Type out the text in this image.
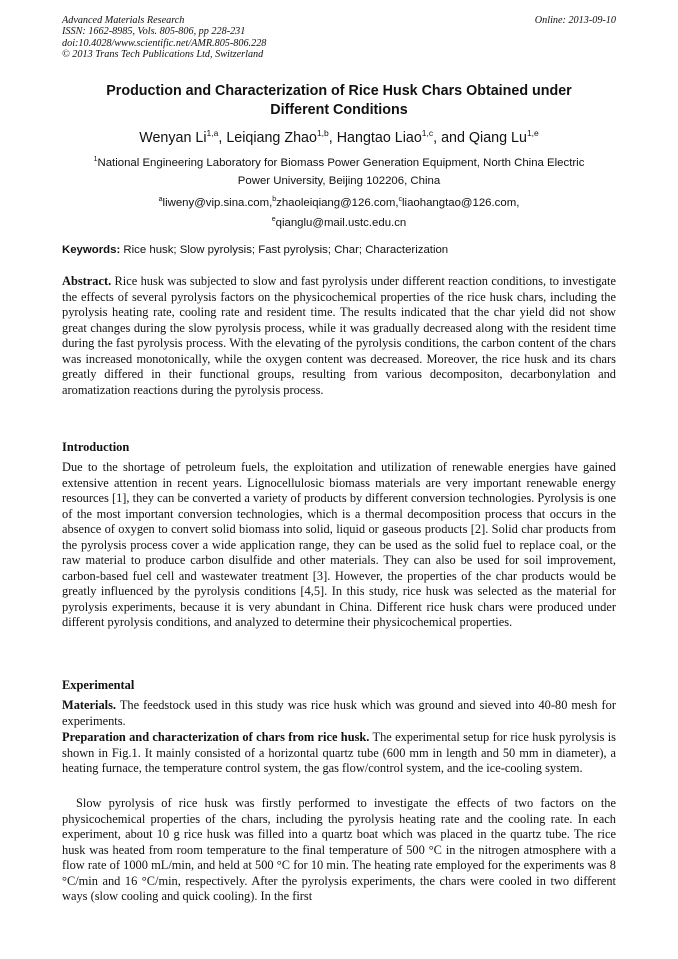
Advanced Materials Research
ISSN: 1662-8985, Vols. 805-806, pp 228-231
doi:10.4028/www.scientific.net/AMR.805-806.228
© 2013 Trans Tech Publications Ltd, Switzerland
Online: 2013-09-10
Production and Characterization of Rice Husk Chars Obtained under
Different Conditions
Wenyan Li$^{1,a}$, Leiqiang Zhao$^{1,b}$, Hangtao Liao$^{1,c}$, and Qiang Lu$^{1,e}$
$^1$National Engineering Laboratory for Biomass Power Generation Equipment, North China Electric
Power University, Beijing 102206, China
$^a$liweny@vip.sina.com,$^b$zhaoleiqiang@126.com,$^c$liaohangtao@126.com,
$^e$qianglu@mail.ustc.edu.cn
Keywords: Rice husk; Slow pyrolysis; Fast pyrolysis; Char; Characterization
Abstract. Rice husk was subjected to slow and fast pyrolysis under different reaction conditions, to investigate the effects of several pyrolysis factors on the physicochemical properties of the rice husk chars, including the pyrolysis heating rate, cooling rate and resident time. The results indicated that the char yield did not show great changes during the slow pyrolysis process, while it was gradually decreased along with the resident time during the fast pyrolysis process. With the elevating of the pyrolysis conditions, the carbon content of the chars was increased monotonically, while the oxygen content was decreased. Moreover, the rice husk and its chars greatly differed in their functional groups, resulting from various decompositon, decarbonylation and aromatization reactions during the pyrolysis process.
Introduction
Due to the shortage of petroleum fuels, the exploitation and utilization of renewable energies have gained extensive attention in recent years. Lignocellulosic biomass materials are very important renewable energy resources [1], they can be converted a variety of products by different conversion technologies. Pyrolysis is one of the most important conversion technologies, which is a thermal decomposition process that occurs in the absence of oxygen to convert solid biomass into solid, liquid or gaseous products [2]. Solid char products from the pyrolysis process cover a wide application range, they can be used as the solid fuel to replace coal, or the raw material to produce carbon disulfide and other materials. They can also be used for soil improvement, carbon-based fuel cell and wastewater treatment [3]. However, the properties of the char products would be greatly influenced by the pyrolysis conditions [4,5]. In this study, rice husk was selected as the material for pyrolysis experiments, because it is very abundant in China. Different rice husk chars were produced under different pyrolysis conditions, and analyzed to determine their physicochemical properties.
Experimental
Materials. The feedstock used in this study was rice husk which was ground and sieved into 40-80 mesh for experiments.
Preparation and characterization of chars from rice husk. The experimental setup for rice husk pyrolysis is shown in Fig.1. It mainly consisted of a horizontal quartz tube (600 mm in length and 50 mm in diameter), a heating furnace, the temperature control system, the gas flow/control system, and the ice-cooling system.
Slow pyrolysis of rice husk was firstly performed to investigate the effects of two factors on the physicochemical properties of the chars, including the pyrolysis heating rate and the cooling rate. In each experiment, about 10 g rice husk was filled into a quartz boat which was placed in the quartz tube. The rice husk was heated from room temperature to the final temperature of 500 °C in the nitrogen atmosphere with a flow rate of 1000 mL/min, and held at 500 °C for 10 min. The heating rate employed for the experiments was 8 °C/min and 16 °C/min, respectively. After the pyrolysis experiments, the chars were cooled in two different ways (slow cooling and quick cooling). In the first
